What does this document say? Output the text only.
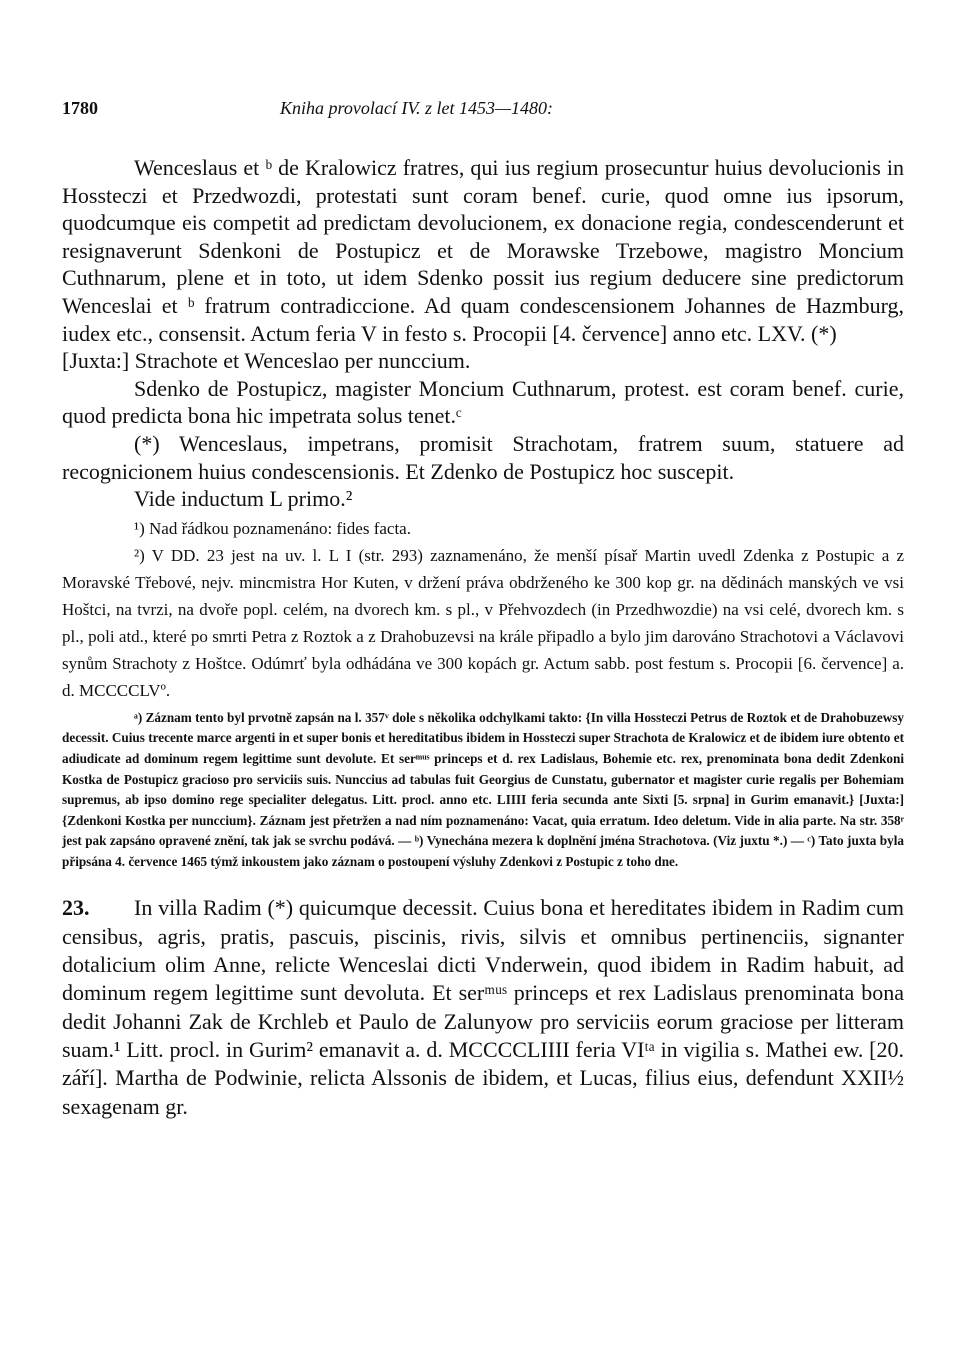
1780	Kniha provolací IV. z let 1453—1480:

Wenceslaus et ᵇ de Kralowicz fratres, qui ius regium prosecuntur huius devolucionis in Hossteczi et Przedwozdi, protestati sunt coram benef. curie, quod omne ius ipsorum, quodcumque eis competit ad predictam devolucionem, ex donacione regia, condescenderunt et resignaverunt Sdenkoni de Postupicz et de Morawske Trzebowe, magistro Moncium Cuthnarum, plene et in toto, ut idem Sdenko possit ius regium deducere sine predictorum Wenceslai et ᵇ fratrum contradiccione. Ad quam condescensionem Johannes de Hazmburg, iudex etc., consensit. Actum feria V in festo s. Procopii [4. července] anno etc. LXV. (*)

[Juxta:] Strachote et Wenceslao per nunccium.

Sdenko de Postupicz, magister Moncium Cuthnarum, protest. est coram benef. curie, quod predicta bona hic impetrata solus tenet.ᶜ

(*) Wenceslaus, impetrans, promisit Strachotam, fratrem suum, statuere ad recognicionem huius condescensionis. Et Zdenko de Postupicz hoc suscepit.

Vide inductum L primo.²

¹) Nad řádkou poznamenáno: fides facta.

²) V DD. 23 jest na uv. l. L I (str. 293) zaznamenáno, že menší písař Martin uvedl Zdenka z Postupic a z Moravské Třebové, nejv. mincmistra Hor Kuten, v držení práva obdrženého ke 300 kop gr. na dědinách manských ve vsi Hoštci, na tvrzi, na dvoře popl. celém, na dvorech km. s pl., v Přehvozdech (in Przedhwozdie) na vsi celé, dvorech km. s pl., poli atd., které po smrti Petra z Roztok a z Drahobuzevsi na krále připadlo a bylo jim darováno Strachotovi a Václavovi synům Strachoty z Hoštce. Odúmrť byla odhádána ve 300 kopách gr. Actum sabb. post festum s. Procopii [6. července] a. d. MCCCCLVº.

ᵃ) Záznam tento byl prvotně zapsán na l. 357ᵛ dole s několika odchylkami takto: {In villa Hossteczi Petrus de Roztok et de Drahobuzewsy decessit. Cuius trecente marce argenti in et super bonis et hereditatibus ibidem in Hossteczi super Strachota de Kralowicz et de ibidem iure obtento et adiudicate ad dominum regem legittime sunt devolute. Et serᵐᵘˢ princeps et d. rex Ladislaus, Bohemie etc. rex, prenominata bona dedit Zdenkoni Kostka de Postupicz gracioso pro serviciis suis. Nunccius ad tabulas fuit Georgius de Cunstatu, gubernator et magister curie regalis per Bohemiam supremus, ab ipso domino rege specialiter delegatus. Litt. procl. anno etc. LIIII feria secunda ante Sixti [5. srpna] in Gurim emanavit.} [Juxta:] {Zdenkoni Kostka per nunccium}. Záznam jest přetržen a nad ním poznamenáno: Vacat, quia erratum. Ideo deletum. Vide in alia parte. Na str. 358ʳ jest pak zapsáno opravené znění, tak jak se svrchu podává. — ᵇ) Vynechána mezera k doplnění jména Strachotova. (Viz juxtu *.) — ᶜ) Tato juxta byla připsána 4. července 1465 týmž inkoustem jako záznam o postoupení výsluhy Zdenkovi z Postupic z toho dne.

23. In villa Radim (*) quicumque decessit. Cuius bona et hereditates ibidem in Radim cum censibus, agris, pratis, pascuis, piscinis, rivis, silvis et omnibus pertinenciis, signanter dotalicium olim Anne, relicte Wenceslai dicti Vnderwein, quod ibidem in Radim habuit, ad dominum regem legittime sunt devoluta. Et serᵐᵘˢ princeps et rex Ladislaus prenominata bona dedit Johanni Zak de Krchleb et Paulo de Zalunyow pro serviciis eorum graciose per litteram suam.¹ Litt. procl. in Gurim² emanavit a. d. MCCCCLIIII feria VIᵗᵃ in vigilia s. Mathei ew. [20. září]. Martha de Podwinie, relicta Alssonis de ibidem, et Lucas, filius eius, defendunt XXII½ sexagenam gr.
